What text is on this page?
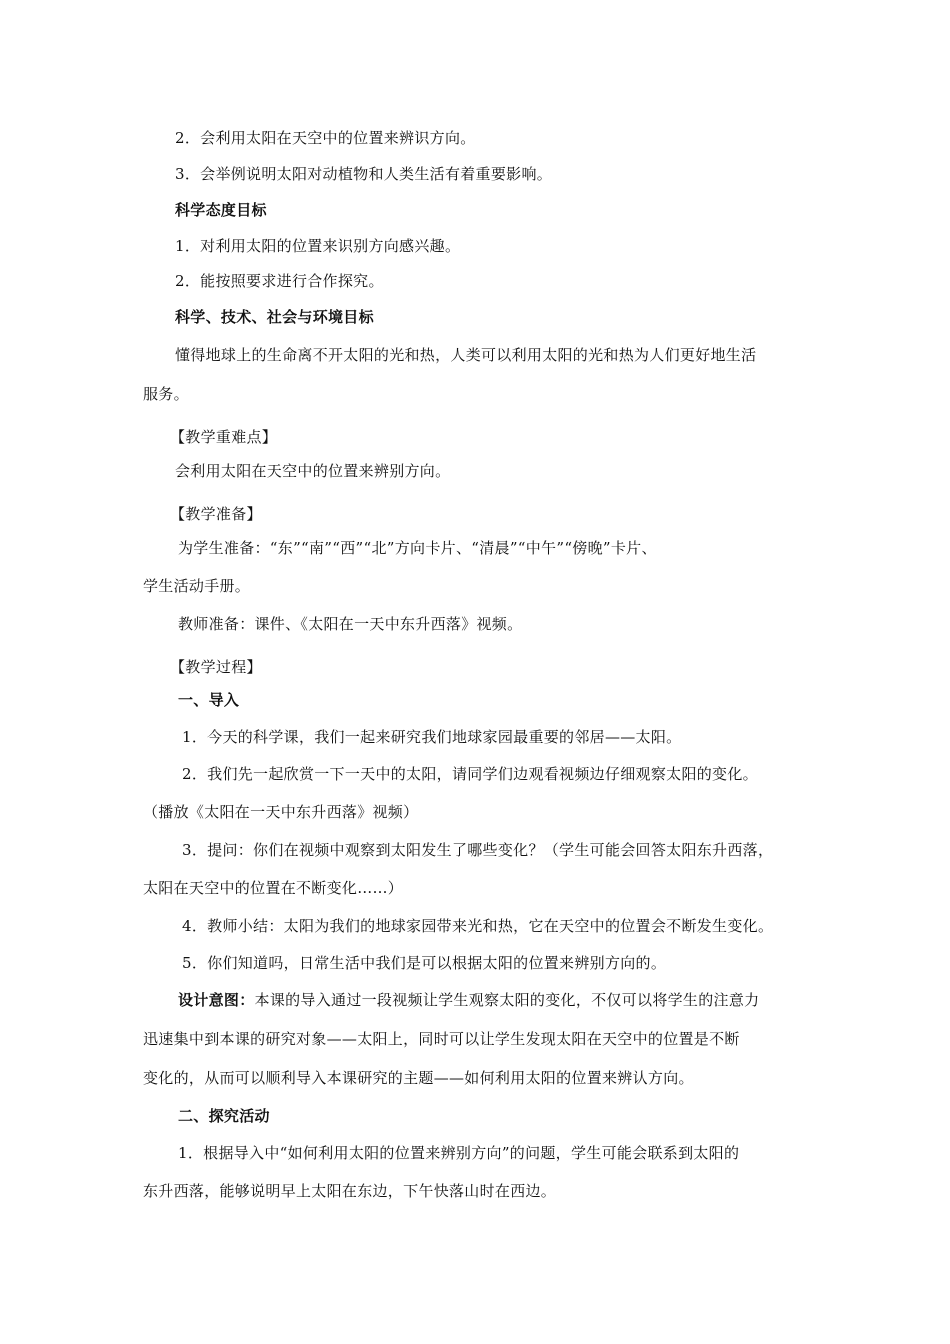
2．会利用太阳在天空中的位置来辨识方向。
3．会举例说明太阳对动植物和人类生活有着重要影响。
科学态度目标
1．对利用太阳的位置来识别方向感兴趣。
2．能按照要求进行合作探究。
科学、技术、社会与环境目标
懂得地球上的生命离不开太阳的光和热，人类可以利用太阳的光和热为人们更好地生活
服务。
【教学重难点】
会利用太阳在天空中的位置来辨别方向。
【教学准备】
为学生准备：“东”“南”“西”“北”方向卡片、“清晨”“中午”“傍晚”卡片、
学生活动手册。
教师准备：课件、《太阳在一天中东升西落》视频。
【教学过程】
一、导入
1．今天的科学课，我们一起来研究我们地球家园最重要的邻居——太阳。
2．我们先一起欣赏一下一天中的太阳，请同学们边观看视频边仔细观察太阳的变化。
（播放《太阳在一天中东升西落》视频）
3．提问：你们在视频中观察到太阳发生了哪些变化？（学生可能会回答太阳东升西落，
太阳在天空中的位置在不断变化……）
4．教师小结：太阳为我们的地球家园带来光和热，它在天空中的位置会不断发生变化。
5．你们知道吗，日常生活中我们是可以根据太阳的位置来辨别方向的。
设计意图：本课的导入通过一段视频让学生观察太阳的变化，不仅可以将学生的注意力
迅速集中到本课的研究对象——太阳上，同时可以让学生发现太阳在天空中的位置是不断
变化的，从而可以顺利导入本课研究的主题——如何利用太阳的位置来辨认方向。
二、探究活动
1．根据导入中“如何利用太阳的位置来辨别方向”的问题，学生可能会联系到太阳的
东升西落，能够说明早上太阳在东边，下午快落山时在西边。
